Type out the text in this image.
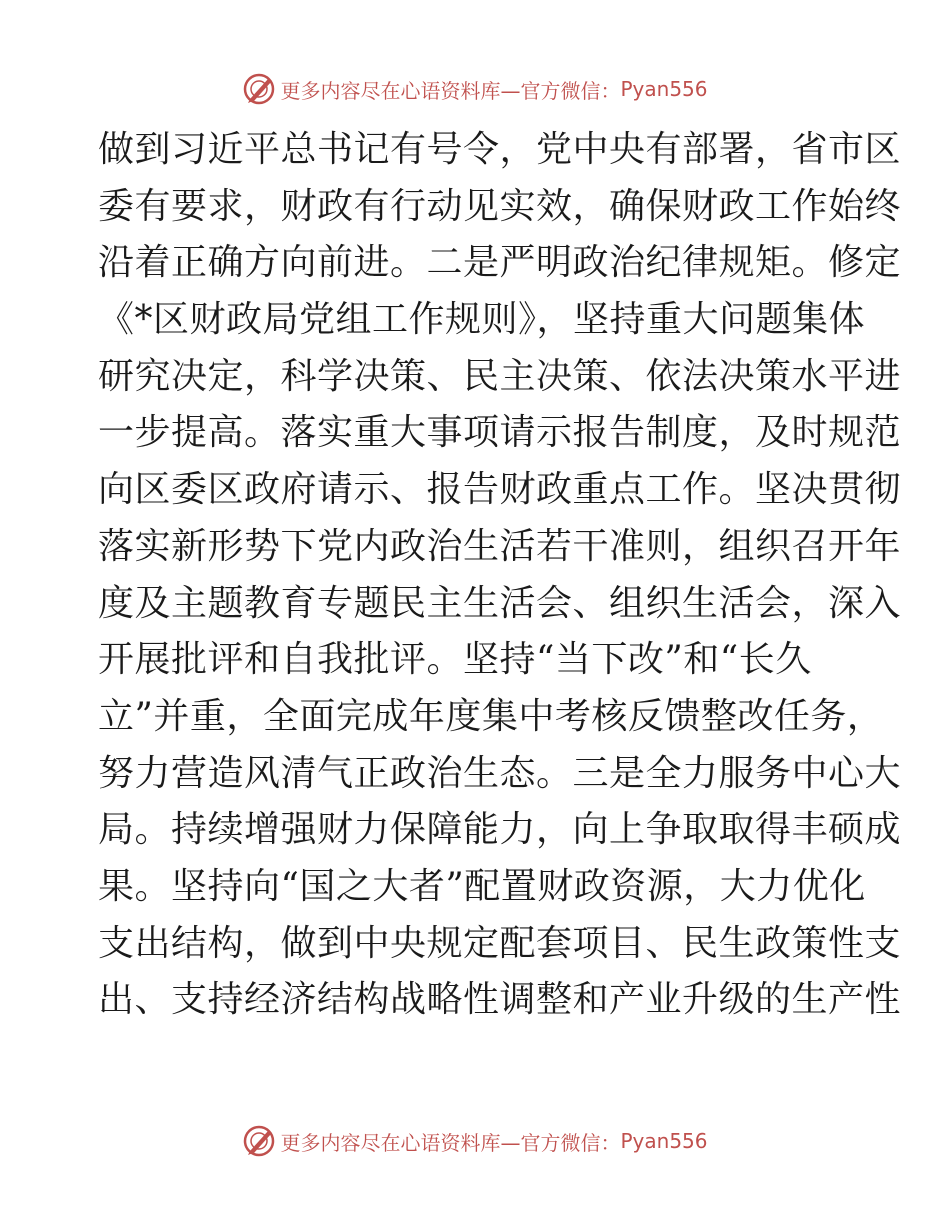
更多内容尽在心语资料库—官方微信： Pyan556
做到习近平总书记有号令，党中央有部署，省市区
委有要求，财政有行动见实效，确保财政工作始终
沿着正确方向前进。二是严明政治纪律规矩。修定
《*区财政局党组工作规则》，坚持重大问题集体
研究决定，科学决策、民主决策、依法决策水平进
一步提高。落实重大事项请示报告制度，及时规范
向区委区政府请示、报告财政重点工作。坚决贯彻
落实新形势下党内政治生活若干准则，组织召开年
度及主题教育专题民主生活会、组织生活会，深入
开展批评和自我批评。坚持“当下改”和“长久
立”并重，全面完成年度集中考核反馈整改任务，
努力营造风清气正政治生态。三是全力服务中心大
局。持续增强财力保障能力，向上争取取得丰硕成
果。坚持向“国之大者”配置财政资源，大力优化
支出结构，做到中央规定配套项目、民生政策性支
出、支持经济结构战略性调整和产业升级的生产性
更多内容尽在心语资料库—官方微信： Pyan556
